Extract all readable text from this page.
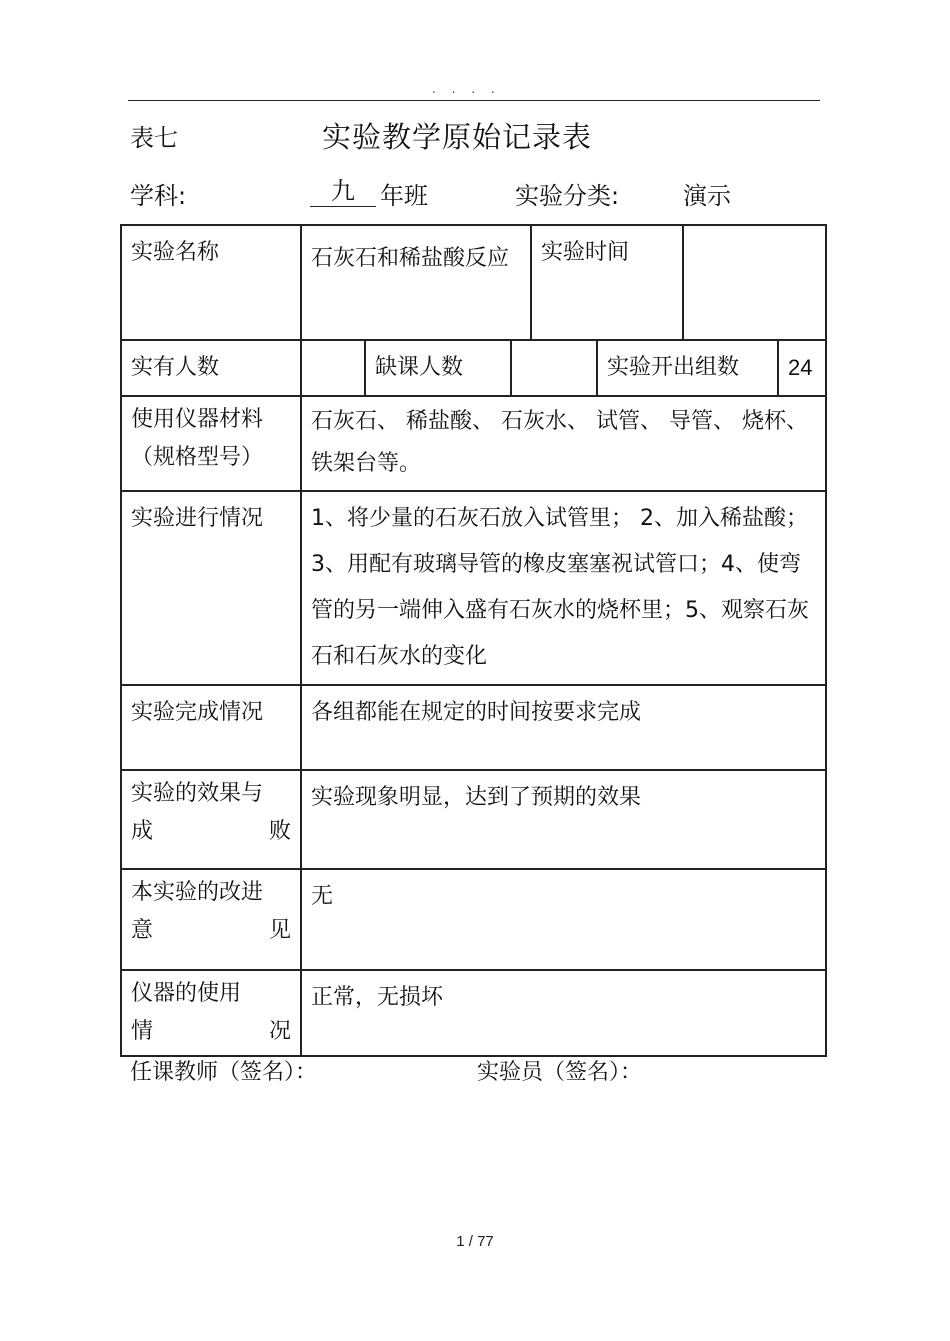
. . . .
表七	实验教学原始记录表
学科:	九	年班	实验分类:	演示
实验名称	石灰石和稀盐酸反应			实验时间			
实有人数		缺课人数			实验开出组数		24

使用仪器材料
（规格型号）	石灰石、 稀盐酸、 石灰水、 试管、 导管、 烧杯、 铁架台等。						
实验进行情况	1、将少量的石灰石放入试管里； 2、加入稀盐酸；3、用配有玻璃导管的橡皮塞塞祝试管口；4、使弯管的另一端伸入盛有石灰水的烧杯里；5、观察石灰石和石灰水的变化						
实验完成情况	各组都能在规定的时间按要求完成						

实验的效果与
成 败	实验现象明显，达到了预期的效果						

本实验的改进
意 见	无						

仪器的使用
情 况	正常，无损坏						
任课教师（签名）：	实验员（签名）：
1 / 77
